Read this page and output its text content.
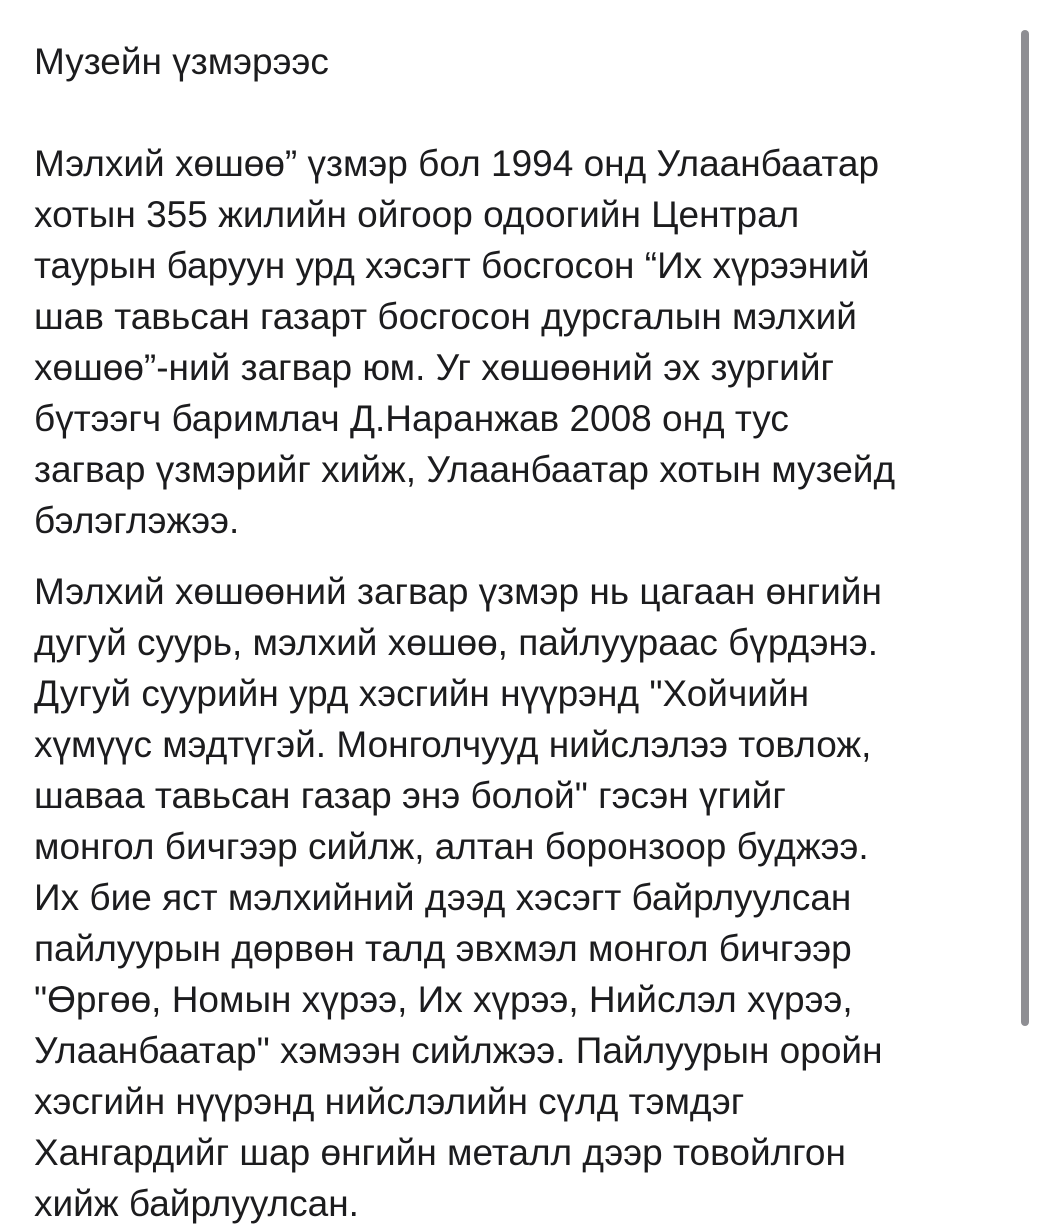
Музейн үзмэрээс
Мэлхий хөшөө” үзмэр бол 1994 онд Улаанбаатар
хотын 355 жилийн ойгоор одоогийн Централ
таурын баруун урд хэсэгт босгосон “Их хүрээний
шав тавьсан газарт босгосон дурсгалын мэлхий
хөшөө”-ний загвар юм. Уг хөшөөний эх зургийг
бүтээгч баримлач Д.Наранжав 2008 онд тус
загвар үзмэрийг хийж, Улаанбаатар хотын музейд
бэлэглэжээ.
Мэлхий хөшөөний загвар үзмэр нь цагаан өнгийн
дугуй суурь, мэлхий хөшөө, пайлуураас бүрдэнэ.
Дугуй суурийн урд хэсгийн нүүрэнд "Хойчийн
хүмүүс мэдтүгэй. Монголчууд нийслэлээ товлож,
шаваа тавьсан газар энэ болой" гэсэн үгийг
монгол бичгээр сийлж, алтан боронзоор буджээ.
Их бие яст мэлхийний дээд хэсэгт байрлуулсан
пайлуурын дөрвөн талд эвхмэл монгол бичгээр
"Өргөө, Номын хүрээ, Их хүрээ, Нийслэл хүрээ,
Улаанбаатар" хэмээн сийлжээ. Пайлуурын оройн
хэсгийн нүүрэнд нийслэлийн сүлд тэмдэг
Хангардийг шар өнгийн металл дээр товойлгон
хийж байрлуулсан.
